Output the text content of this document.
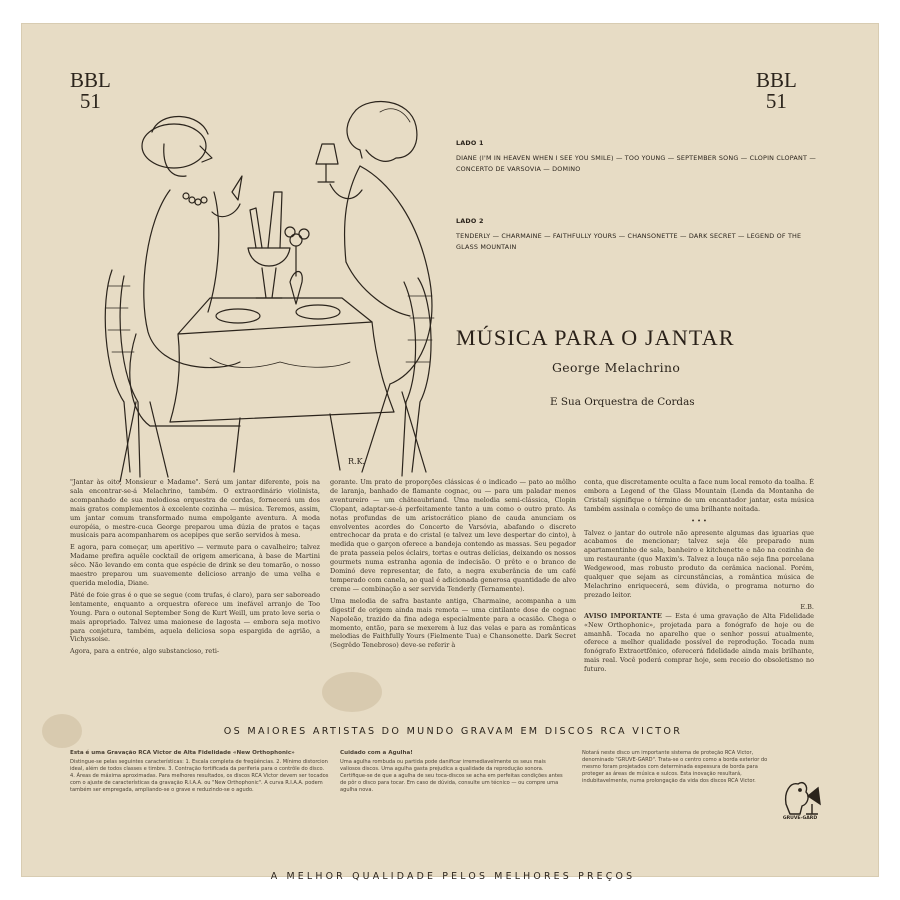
BBL
51
BBL
51
R.K.
LADO 1
DIANE (I'M IN HEAVEN WHEN I SEE YOU SMILE) — TOO YOUNG — SEPTEMBER SONG — CLOPIN CLOPANT — CONCERTO DE VARSOVIA — DOMINO
LADO 2
TENDERLY — CHARMAINE — FAITHFULLY YOURS — CHANSONETTE — DARK SECRET — LEGEND OF THE GLASS MOUNTAIN
MÚSICA PARA O JANTAR
George Melachrino
E Sua Orquestra de Cordas

"Jantar às oito, Monsieur e Madame". Será um jantar diferente, pois na sala encontrar-se-á Melachrino, também. O extraordinário violinista, acompanhado de sua melodiosa orquestra de cordas, fornecerá um dos mais gratos complementos à excelente cozinha — música. Teremos, assim, um jantar comum transformado numa empolgante aventura. A moda européia, o mestre-cuca George preparou uma dúzia de pratos e taças musicais para acompanharem os acepipes que serão servidos à mesa.

E agora, para começar, um aperitivo — vermute para o cavalheiro; talvez Madame prefira aquêle cocktail de origem americana, à base de Martini sêco. Não levando em conta que espécie de drink se deu tomarão, o nosso maestro preparou um suavemente delicioso arranjo de uma velha e querida melodia, Diane.

Pâté de foie gras é o que se segue (com trufas, é claro), para ser saboreado lentamente, enquanto a orquestra oferece um inefável arranjo de Too Young. Para o outonal September Song de Kurt Weill, um prato leve seria o mais apropriado. Talvez uma maionese de lagosta — embora seja motivo para conjetura, também, aquela deliciosa sopa espargida de agrião, a Vichyssoise.

Agora, para a entrée, algo substancioso, reti-

gorante. Um prato de proporções clássicas é o indicado — pato ao môlho de laranja, banhado de flamante cognac, ou — para um paladar menos aventureiro — um châteaubriand. Uma melodia semi-clássica, Clopin Clopant, adaptar-se-á perfeitamente tanto a um como o outro prato. As notas profundas de um aristocrático piano de cauda anunciam os envolventes acordes do Concerto de Varsóvia, abafando o discreto entrechocar da prata e do cristal (e talvez um leve despertar do cinto), à medida que o garçon oferece a bandeja contendo as massas. Seu pegador de prata passeia pelos éclairs, tortas e outras delícias, deixando os nossos gourmets numa estranha agonia de indecisão. O prêto e o branco de Dominó deve representar, de fato, a negra exuberância de um café temperado com canela, ao qual é adicionada generosa quantidade de alvo creme — combinação a ser servida Tenderly (Ternamente).

Uma melodia de safra bastante antiga, Charmaine, acompanha a um digestif de origem ainda mais remota — uma cintilante dose de cognac Napoleão, trazido da fina adega especialmente para a ocasião. Chega o momento, então, para se mexerem à luz das velas e para as românticas melodias de Faithfully Yours (Fielmente Tua) e Chansonette. Dark Secret (Segrêdo Tenebroso) deve-se referir à

conta, que discretamente oculta a face num local remoto da toalha. É embora a Legend of the Glass Mountain (Lenda da Montanha de Cristal) signifique o término de um encantador jantar, esta música também assinala o comêço de uma brilhante noitada.

• • •

Talvez o jantar do outrole não apresente algumas das iguarias que acabamos de mencionar; talvez seja êle preparado num apartamentinho de sala, banheiro e kitchenette e não na cozinha de um restaurante (quo Maxim's. Talvez a louça não seja fina porcelana Wedgewood, mas robusto produto da cerâmica nacional. Porém, qualquer que sejam as circunstâncias, a romântica música de Melachrino enriquecerá, sem dúvida, o programa noturno do prezado leitor.

E.B.

AVISO IMPORTANTE — Esta é uma gravação de Alta Fidelidade «New Orthophonic», projetada para a fonógrafo de hoje ou de amanhã. Tocada no aparelho que o senhor possui atualmente, oferece a melhor qualidade possível de reprodução. Tocada num fonógrafo Extraortfônico, oferecerá fidelidade ainda mais brilhante, mais real. Você poderá comprar hoje, sem receio do obsoletismo no futuro.

OS MAIORES ARTISTAS DO MUNDO GRAVAM EM DISCOS RCA VICTOR

Esta é uma Gravação RCA Victor de Alta Fidelidade «New Orthophonic»

Distingue-se pelas seguintes características: 1. Escala completa de freqüências. 2. Mínimo distorcion ideal, além de todos classes e timbre. 3. Contração fortificada da periferia para o contrôle do disco. 4. Áreas de máxima aproximadas. Para melhores resultados, os discos RCA Victor devem ser tocados com o ajuste de características da gravação R.I.A.A. ou "New Orthophonic". A curva R.I.A.A. podem também ser empregada, ampliando-se o grave e reduzindo-se o agudo.

Cuidado com a Agulha!

Uma agulha rombuda ou partida pode danificar irremediavelmente os seus mais valiosos discos. Uma agulha gasta prejudica a qualidade da reprodução sonora. Certifique-se de que a agulha de seu toca-discos se acha em perfeitas condições antes de pôr o disco para tocar. Em caso de dúvida, consulte um técnico — ou compre uma agulha nova.

Notará neste disco um importante sistema de proteção RCA Victor, denominado "GRUVE-GARD". Trata-se o centro como a borda exterior do mesmo foram projetados com determinada espessura de borda para proteger as áreas de música e sulcos. Esta inovação resultará, indubitavelmente, numa prolongação da vida dos discos RCA Victor.

GRUVE-GARD
A MELHOR QUALIDADE PELOS MELHORES PREÇOS
